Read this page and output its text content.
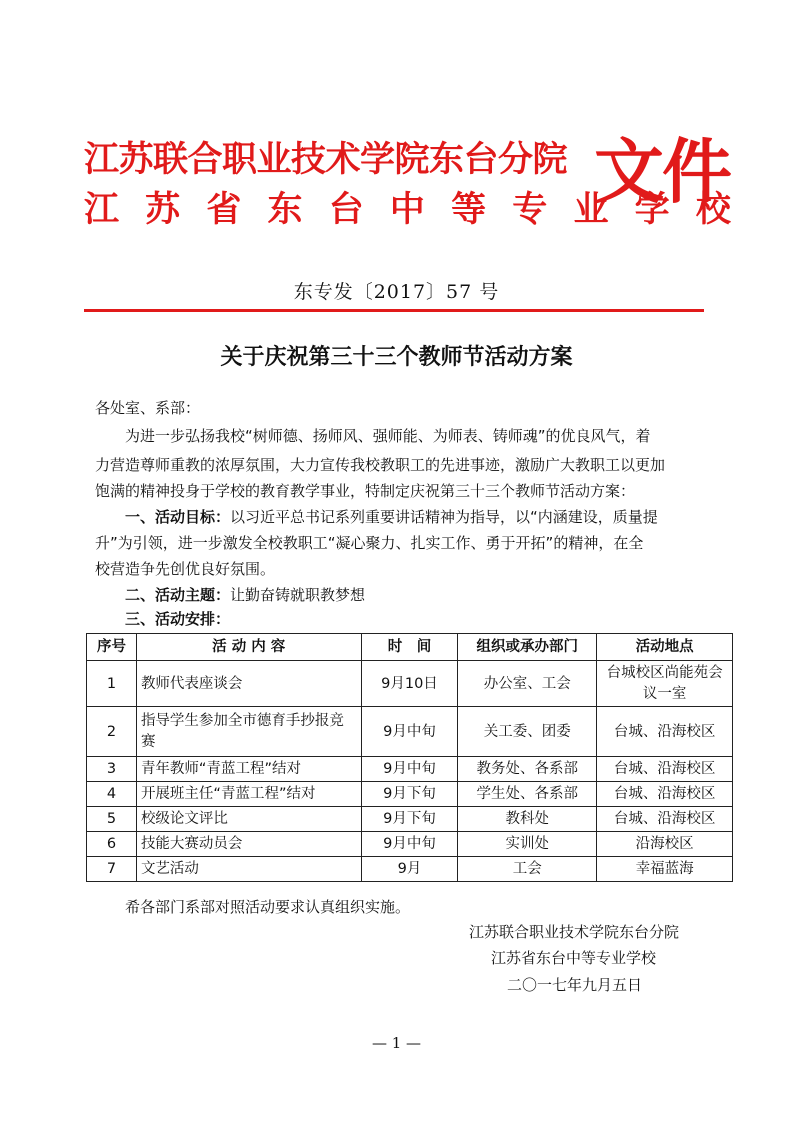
江苏联合职业技术学院东台分院
江 苏 省 东 台 中 等 专 业 学 校
文件
东专发〔2017〕57 号
关于庆祝第三十三个教师节活动方案
各处室、系部：
为进一步弘扬我校“树师德、扬师风、强师能、为师表、铸师魂”的优良风气，着
力营造尊师重教的浓厚氛围，大力宣传我校教职工的先进事迹，激励广大教职工以更加
饱满的精神投身于学校的教育教学事业，特制定庆祝第三十三个教师节活动方案：
一、活动目标：以习近平总书记系列重要讲话精神为指导，以“内涵建设，质量提
升”为引领，进一步激发全校教职工“凝心聚力、扎实工作、勇于开拓”的精神，在全
校营造争先创优良好氛围。
二、活动主题：让勤奋铸就职教梦想
三、活动安排：
序号	活 动 内 容	时　间	组织或承办部门	活动地点
1	教师代表座谈会	9月10日	办公室、工会	台城校区尚能苑会议一室
2	指导学生参加全市德育手抄报竞赛	9月中旬	关工委、团委	台城、沿海校区
3	青年教师“青蓝工程”结对	9月中旬	教务处、各系部	台城、沿海校区
4	开展班主任“青蓝工程”结对	9月下旬	学生处、各系部	台城、沿海校区
5	校级论文评比	9月下旬	教科处	台城、沿海校区
6	技能大赛动员会	9月中旬	实训处	沿海校区
7	文艺活动	9月	工会	幸福蓝海
希各部门系部对照活动要求认真组织实施。
江苏联合职业技术学院东台分院
江苏省东台中等专业学校
二〇一七年九月五日
— 1 —
